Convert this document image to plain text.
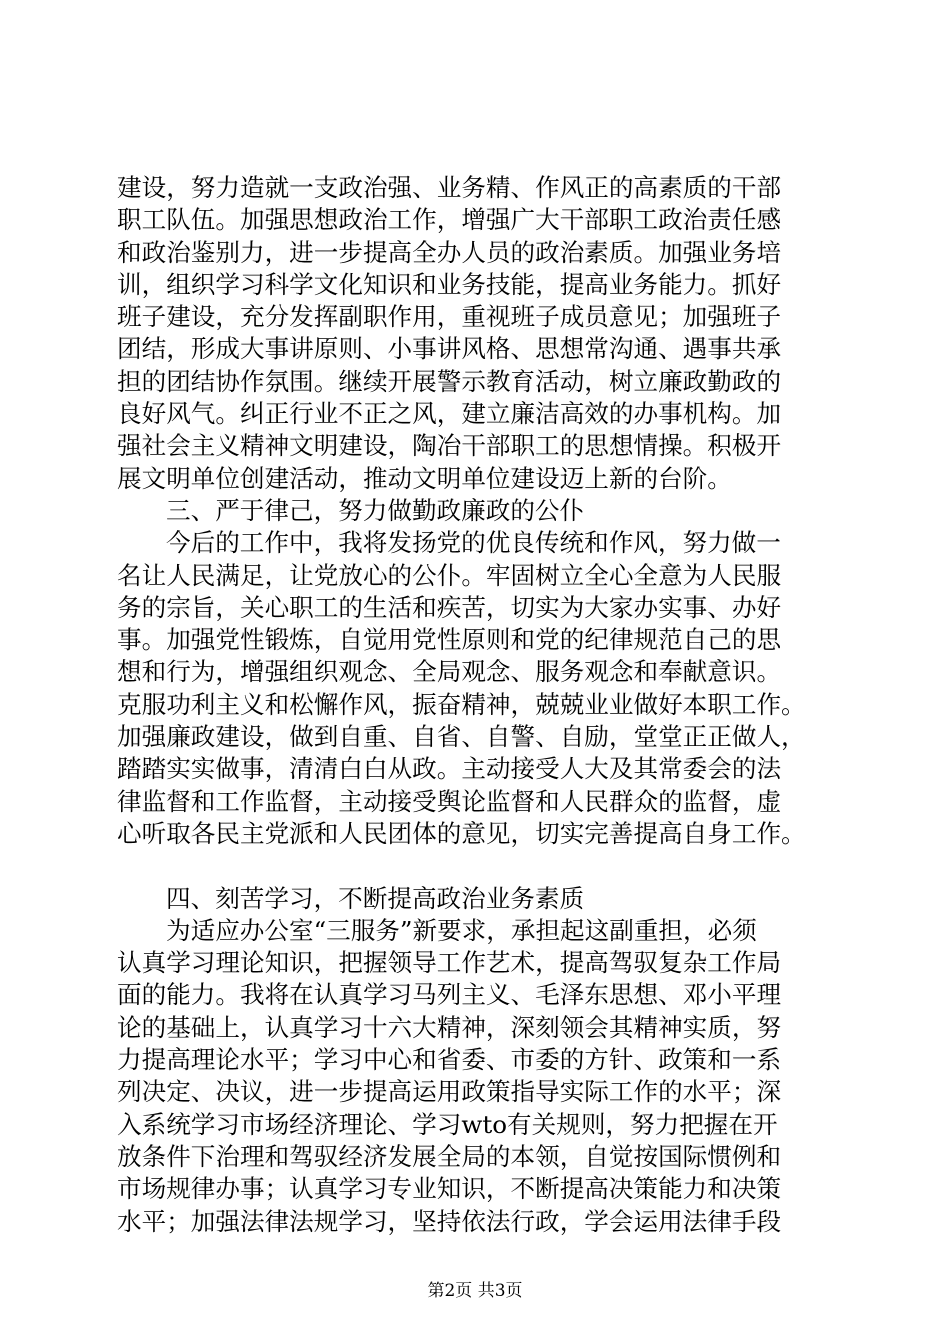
建设，努力造就一支政治强、业务精、作风正的高素质的干部
职工队伍。加强思想政治工作，增强广大干部职工政治责任感
和政治鉴别力，进一步提高全办人员的政治素质。加强业务培
训，组织学习科学文化知识和业务技能，提高业务能力。抓好
班子建设，充分发挥副职作用，重视班子成员意见；加强班子
团结，形成大事讲原则、小事讲风格、思想常沟通、遇事共承
担的团结协作氛围。继续开展警示教育活动，树立廉政勤政的
良好风气。纠正行业不正之风，建立廉洁高效的办事机构。加
强社会主义精神文明建设，陶冶干部职工的思想情操。积极开
展文明单位创建活动，推动文明单位建设迈上新的台阶。
三、严于律己，努力做勤政廉政的公仆
今后的工作中，我将发扬党的优良传统和作风，努力做一
名让人民满足，让党放心的公仆。牢固树立全心全意为人民服
务的宗旨，关心职工的生活和疾苦，切实为大家办实事、办好
事。加强党性锻炼，自觉用党性原则和党的纪律规范自己的思
想和行为，增强组织观念、全局观念、服务观念和奉献意识。
克服功利主义和松懈作风，振奋精神，兢兢业业做好本职工作。
加强廉政建设，做到自重、自省、自警、自励，堂堂正正做人，
踏踏实实做事，清清白白从政。主动接受人大及其常委会的法
律监督和工作监督，主动接受舆论监督和人民群众的监督，虚
心听取各民主党派和人民团体的意见，切实完善提高自身工作。
四、刻苦学习，不断提高政治业务素质
为适应办公室“三服务”新要求，承担起这副重担，必须
认真学习理论知识，把握领导工作艺术，提高驾驭复杂工作局
面的能力。我将在认真学习马列主义、毛泽东思想、邓小平理
论的基础上，认真学习十六大精神，深刻领会其精神实质，努
力提高理论水平；学习中心和省委、市委的方针、政策和一系
列决定、决议，进一步提高运用政策指导实际工作的水平；深
入系统学习市场经济理论、学习wto有关规则，努力把握在开
放条件下治理和驾驭经济发展全局的本领，自觉按国际惯例和
市场规律办事；认真学习专业知识，不断提高决策能力和决策
水平；加强法律法规学习，坚持依法行政，学会运用法律手段
第2页 共3页
